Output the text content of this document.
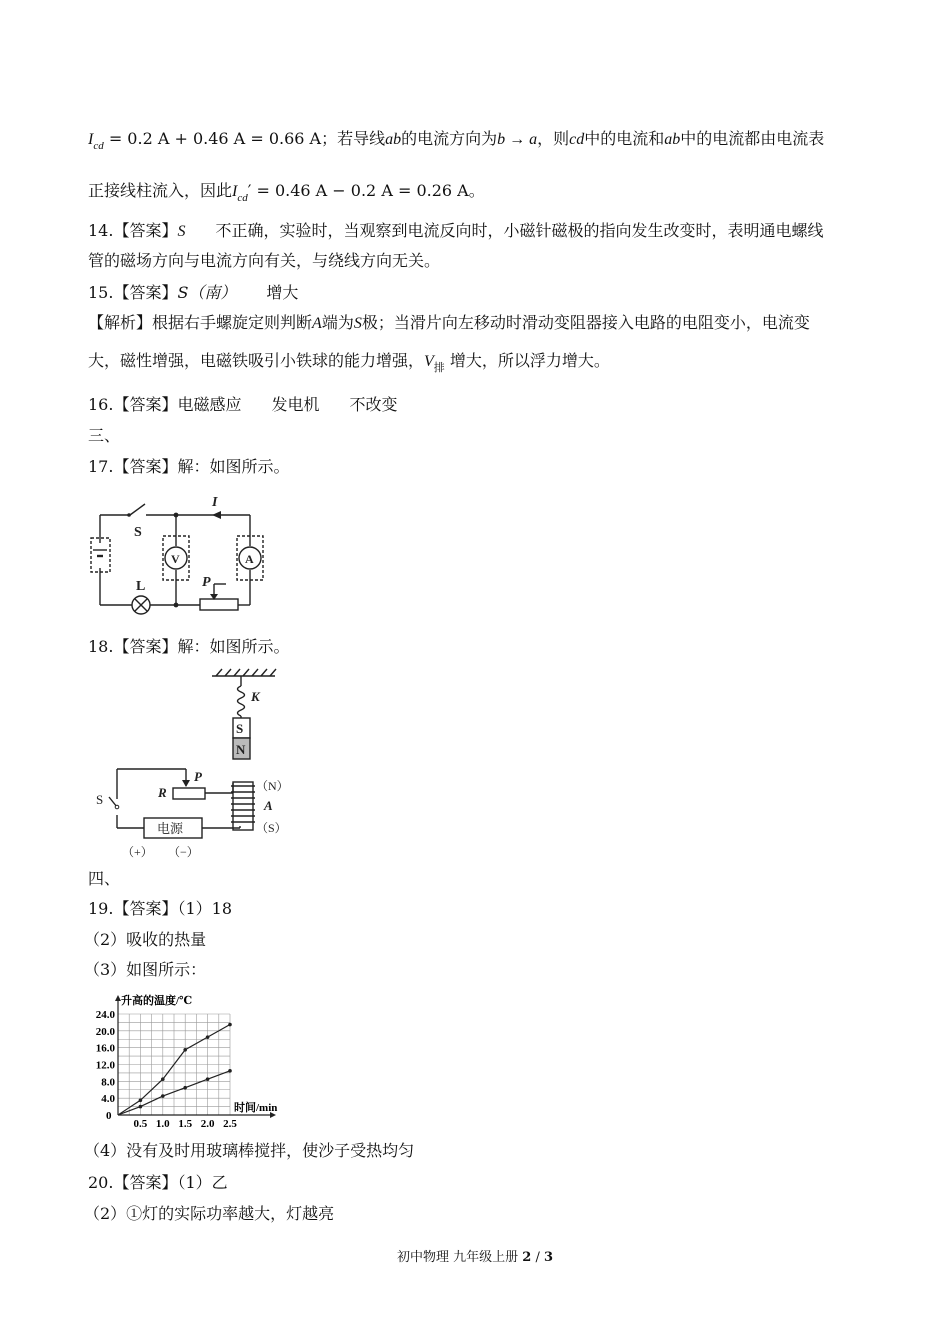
$I_{cd} = 0.2$ A + 0.46 A = 0.66 A；若导线ab的电流方向为b → a，则cd中的电流和ab中的电流都由电流表
正接线柱流入，因此$I_{cd}' = 0.46$ A − 0.2 A = 0.26 A。
14.【答案】S 不正确，实验时，当观察到电流反向时，小磁针磁极的指向发生改变时，表明通电螺线
管的磁场方向与电流方向有关，与绕线方向无关。
15.【答案】S（南） 增大
【解析】根据右手螺旋定则判断A端为S极；当滑片向左移动时滑动变阻器接入电路的电阻变小，电流变
大，磁性增强，电磁铁吸引小铁球的能力增强，$V_排$ 增大，所以浮力增大。
16.【答案】电磁感应 发电机 不改变
三、
17.【答案】解：如图所示。
I
S
V	A
L	P
18.【答案】解：如图所示。
K
S
N
P
R
S
（N）
A
（S）
电源
（+） （−）
四、
19.【答案】（1）18
（2）吸收的热量
（3）如图所示：
升高的温度/℃
时间/min
0
4.0
8.0
12.0
16.0
20.0
24.0
0.5 1.0 1.5 2.0 2.5
（4）没有及时用玻璃棒搅拌，使沙子受热均匀
20.【答案】（1）乙
（2）①灯的实际功率越大，灯越亮
初中物理 九年级上册 2 / 3
